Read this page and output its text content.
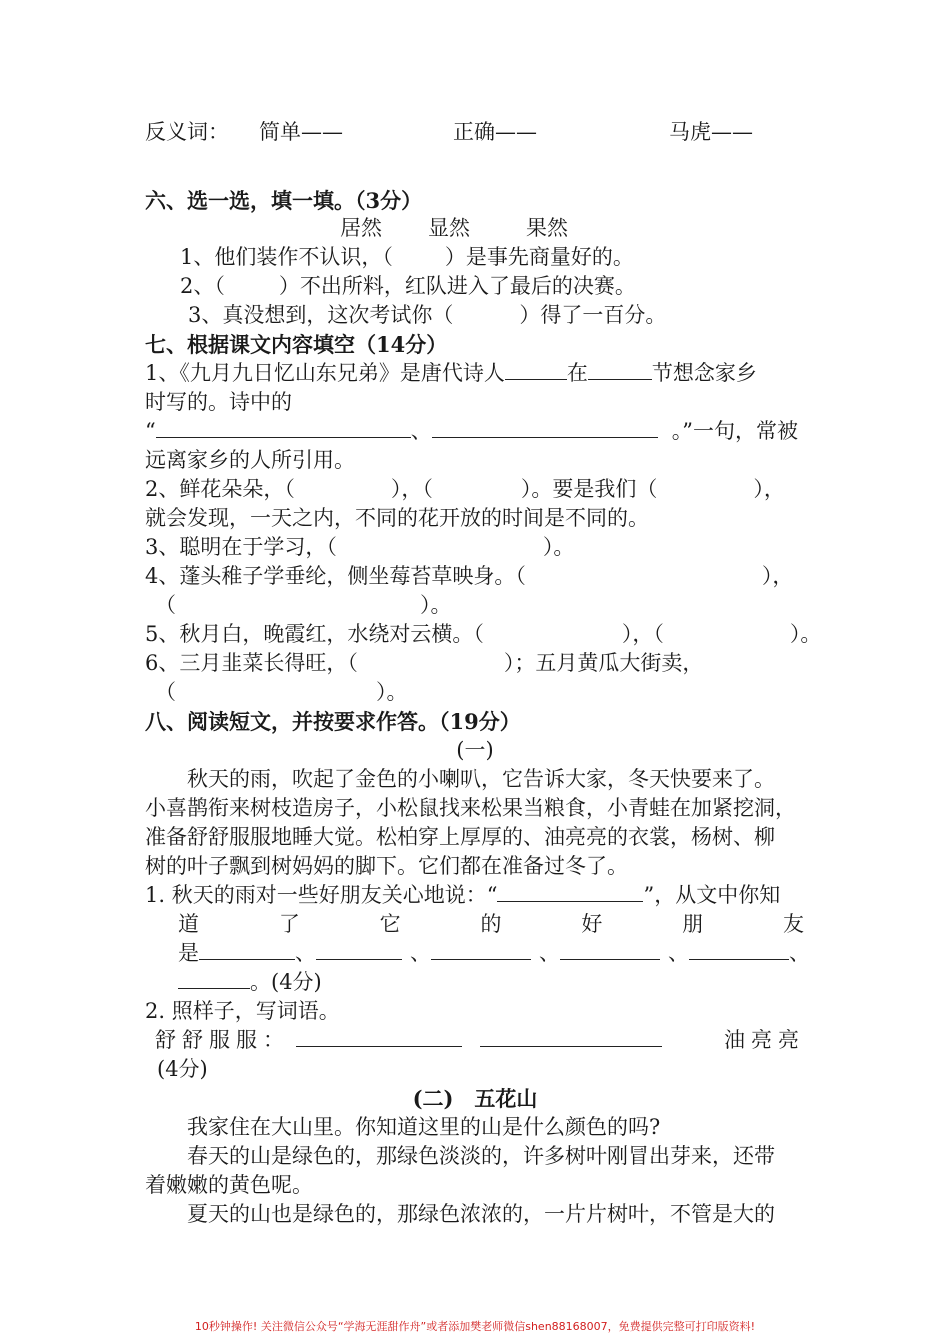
反义词： 简单——	正确——	马虎——
六、选一选，填一填。（3分）
居然 显然	果然
1、他们装作不认识，（ ）是事先商量好的。
2、（	）不出所料，红队进入了最后的决赛。
3、真没想到，这次考试你（	）得了一百分。
七、根据课文内容填空（14分）
1、《九月九日忆山东兄弟》是唐代诗人	在	节想念家乡
时写的。诗中的
“	、	。”一句，常被
远离家乡的人所引用。
2、鲜花朵朵，（	），（	）。要是我们（	），
就会发现，一天之内，不同的花开放的时间是不同的。
3、聪明在于学习，（	）。
4、蓬头稚子学垂纶，侧坐莓苔草映身。（	），
（	）。
5、秋月白，晚霞红，水绕对云横。（	），（	）。
6、三月韭菜长得旺，（	）；五月黄瓜大街卖，
（	）。
八、阅读短文，并按要求作答。（19分）
(一)
秋天的雨，吹起了金色的小喇叭，它告诉大家，冬天快要来了。
小喜鹊衔来树枝造房子，小松鼠找来松果当粮食，小青蛙在加紧挖洞，
准备舒舒服服地睡大觉。松柏穿上厚厚的、油亮亮的衣裳，杨树、柳
树的叶子飘到树妈妈的脚下。它们都在准备过冬了。
1. 秋天的雨对一些好朋友关心地说：“	”，从文中你知
道	了	它	的	好	朋	友
是	、	、	、	、	、
。(4分)
2. 照样子，写词语。
舒舒服服：	油亮亮
(4分)
(二)　五花山
我家住在大山里。你知道这里的山是什么颜色的吗?
春天的山是绿色的，那绿色淡淡的，许多树叶刚冒出芽来，还带
着嫩嫩的黄色呢。
夏天的山也是绿色的，那绿色浓浓的，一片片树叶，不管是大的
10秒钟操作! 关注微信公众号“学海无涯甜作舟”或者添加樊老师微信shen88168007，免费提供完整可打印版资料!
